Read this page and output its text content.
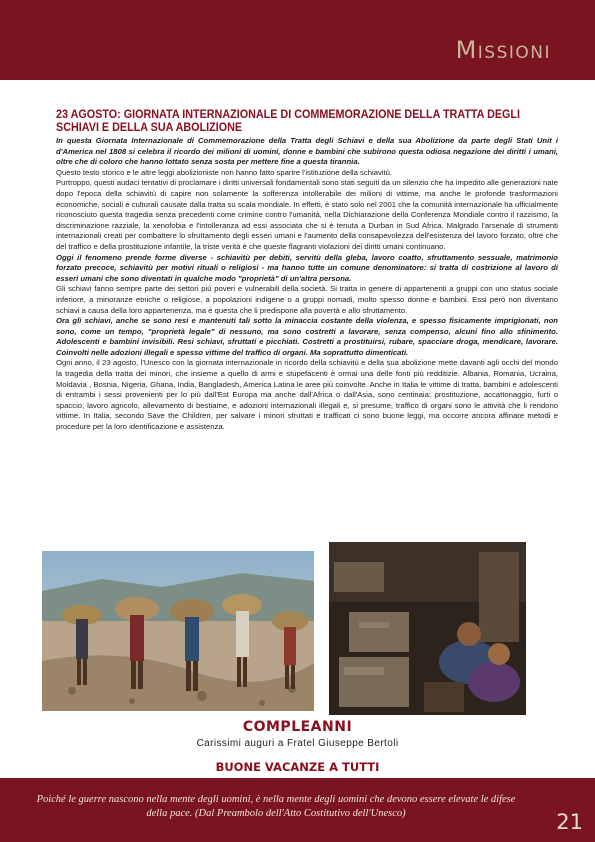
Missioni
23 AGOSTO: GIORNATA INTERNAZIONALE DI COMMEMORAZIONE DELLA TRATTA DEGLI SCHIAVI E DELLA SUA ABOLIZIONE

In questa Giornata Internazionale di Commemorazione della Tratta degli Schiavi e della sua Abolizione da parte degli Stati Unit i d'America nel 1808 si celebra il ricordo dei milioni di uomini, donne e bambini che subirono questa odiosa negazione dei diritti i umani, oltre che di coloro che hanno lottato senza sosta per mettere fine a questa tirannia.

Questo testo storico e le altre leggi abolizioniste non hanno fatto sparire l'istituzione della schiavitù.

Purtroppo, questi audaci tentativi di proclamare i diritti universali fondamentali sono stati seguiti da un silenzio che ha impedito alle generazioni nate dopo l'epoca della schiavitù di capire non solamente la sofferenza intollerabile dei milioni di vittime, ma anche le profonde trasformazioni economiche, sociali e culturali causate dalla tratta su scala mondiale. In effetti, è stato solo nel 2001 che la comunità internazionale ha ufficialmente riconosciuto questa tragedia senza precedenti come crimine contro l'umanità, nella Dichiarazione della Conferenza Mondiale contro il razzismo, la discriminazione razziale, la xenofobia e l'intolleranza ad essi associata che si è tenuta a Durban in Sud Africa. Malgrado l'arsenale di strumenti internazionali creati per combattere lo sfruttamento degli esseri umani e l'aumento della consapevolezza dell'esistenza del lavoro forzato, oltre che del traffico e della prostituzione infantile, la triste verità è che queste flagranti violazioni dei diritti umani continuano.

Oggi il fenomeno prende forme diverse - schiavitù per debiti, servitù della gleba, lavoro coatto, sfruttamento sessuale, matrimonio forzato precoce, schiavitù per motivi rituali o religiosi - ma hanno tutte un comune denominatore: si tratta di costrizione al lavoro di esseri umani che sono diventati in qualche modo "proprietà" di un'altra persona.

Gli schiavi fanno sempre parte dei settori più poveri e vulnerabili della società. Si tratta in genere di appartenenti a gruppi con uno status sociale inferiore, a minoranze etniche o religiose, a popolazioni indigene o a gruppi nomadi, molto spesso donne e bambini. Essi però non diventano schiavi a causa della loro appartenenza, ma è questa che li predispone alla povertà e allo sfruttamento.

Ora gli schiavi, anche se sono resi e mantenuti tali sotto la minaccia costante della violenza, e spesso fisicamente imprigionati, non sono, come un tempo, "proprietà legale" di nessuno, ma sono costretti a lavorare, senza compenso, alcuni fino allo sfinimento. Adolescenti e bambini invisibili. Resi schiavi, sfruttati e picchiati. Costretti a prostituirsi, rubare, spacciare droga, mendicare, lavorare. Coinvolti nelle adozioni illegali e spesso vittime del traffico di organi. Ma soprattutto dimenticati.

Ogni anno, il 23 agosto, l'Unesco con la giornata internazionale in ricordo della schiavitù e della sua abolizione mette davanti agli occhi del mondo la tragedia della tratta dei minori, che insieme a quello di armi e stupefacenti è ormai una delle fonti più redditizie. Albania, Romania, Ucraina, Moldavia , Bosnia, Nigeria, Ghana, India, Bangladesh, America Latina le aree più coinvolte. Anche in Italia le vittime di tratta, bambini e adolescenti di entrambi i sessi provenienti per lo più dall'Est Europa ma anche dall'Africa o dall'Asia, sono centinaia: prostituzione, accattonaggio, furti o spaccio, lavoro agricolo, allevamento di bestiame, e adozioni internazionali illegali e, si presume, traffico di organi sono le attività che li rendono vittime. In Italia, secondo Save the Children, per salvare i minori sfruttati e trafficati ci sono buone leggi, ma occorre ancora affinare metodi e procedure per la loro identificazione e assistenza.

COMPLEANNI
Carissimi auguri a Fratel Giuseppe Bertoli
BUONE VACANZE A TUTTI
Poiché le guerre nascono nella mente degli uomini, è nella mente degli uomini che devono essere elevate le difese della pace. (Dal Preambolo dell'Atto Costitutivo dell'Unesco)	21
